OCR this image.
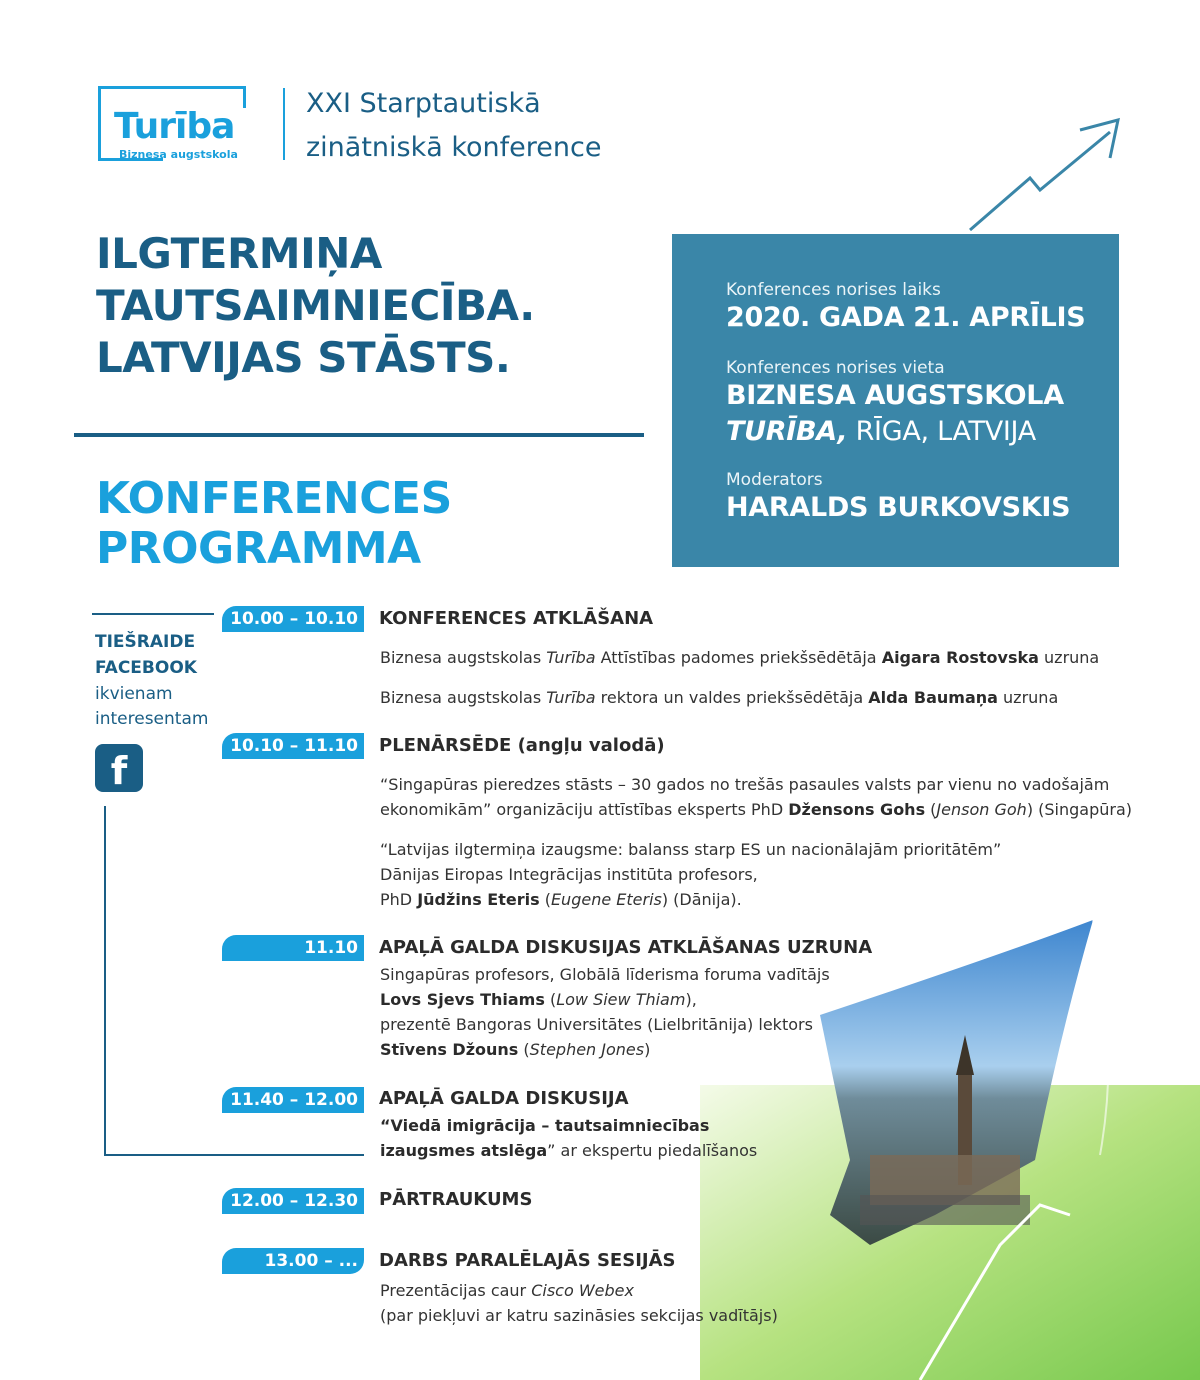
Turība
Biznesa augstskola
XXI Starptautiskā
zinātniskā konference
ILGTERMIŅA
TAUTSAIMNIECĪBA.
LATVIJAS STĀSTS.
KONFERENCES
PROGRAMMA
Konferences norises laiks
2020. GADA 21. APRĪLIS
Konferences norises vieta
BIZNESA AUGSTSKOLA
TURĪBA, RĪGA, LATVIJA
Moderators
HARALDS BURKOVSKIS
TIEŠRAIDE
FACEBOOK
ikvienam
interesentam
f
10.00 – 10.10	KONFERENCES ATKLĀŠANA
Biznesa augstskolas Turība Attīstības padomes priekšsēdētāja Aigara Rostovska uzruna
Biznesa augstskolas Turība rektora un valdes priekšsēdētāja Alda Baumaņa uzruna
10.10 – 11.10	PLENĀRSĒDE (angļu valodā)
“Singapūras pieredzes stāsts – 30 gados no trešās pasaules valsts par vienu no vadošajām
ekonomikām” organizāciju attīstības eksperts PhD Dženso​ns Gohs (Jenson Goh) (Singapūra)
“Latvijas ilgtermiņa izaugsme: balanss starp ES un nacionālajām prioritātēm”
Dānijas Eiropas Integrācijas institūta profesors,
PhD Jūdžins Eteris (Eugene Eteris) (Dānija).
11.10	APAĻĀ GALDA DISKUSIJAS ATKLĀŠANAS UZRUNA
Singapūras profesors, Globālā līderisma foruma vadītājs
Lovs Sjevs Thiams (Low Siew Thiam),
prezentē Bangoras Universitātes (Lielbritānija) lektors
Stīvens Džouns (Stephen Jones)
11.40 – 12.00	APAĻĀ GALDA DISKUSIJA
“Viedā imigrācija – tautsaimniecības
izaugsmes atslēga” ar ekspertu piedalīšanos
12.00 – 12.30	PĀRTRAUKUMS
13.00 – ...	DARBS PARALĒLAJĀS SESIJĀS
Prezentācijas caur Cisco Webex
(par piekļuvi ar katru sazināsies sekcijas vadītājs)
